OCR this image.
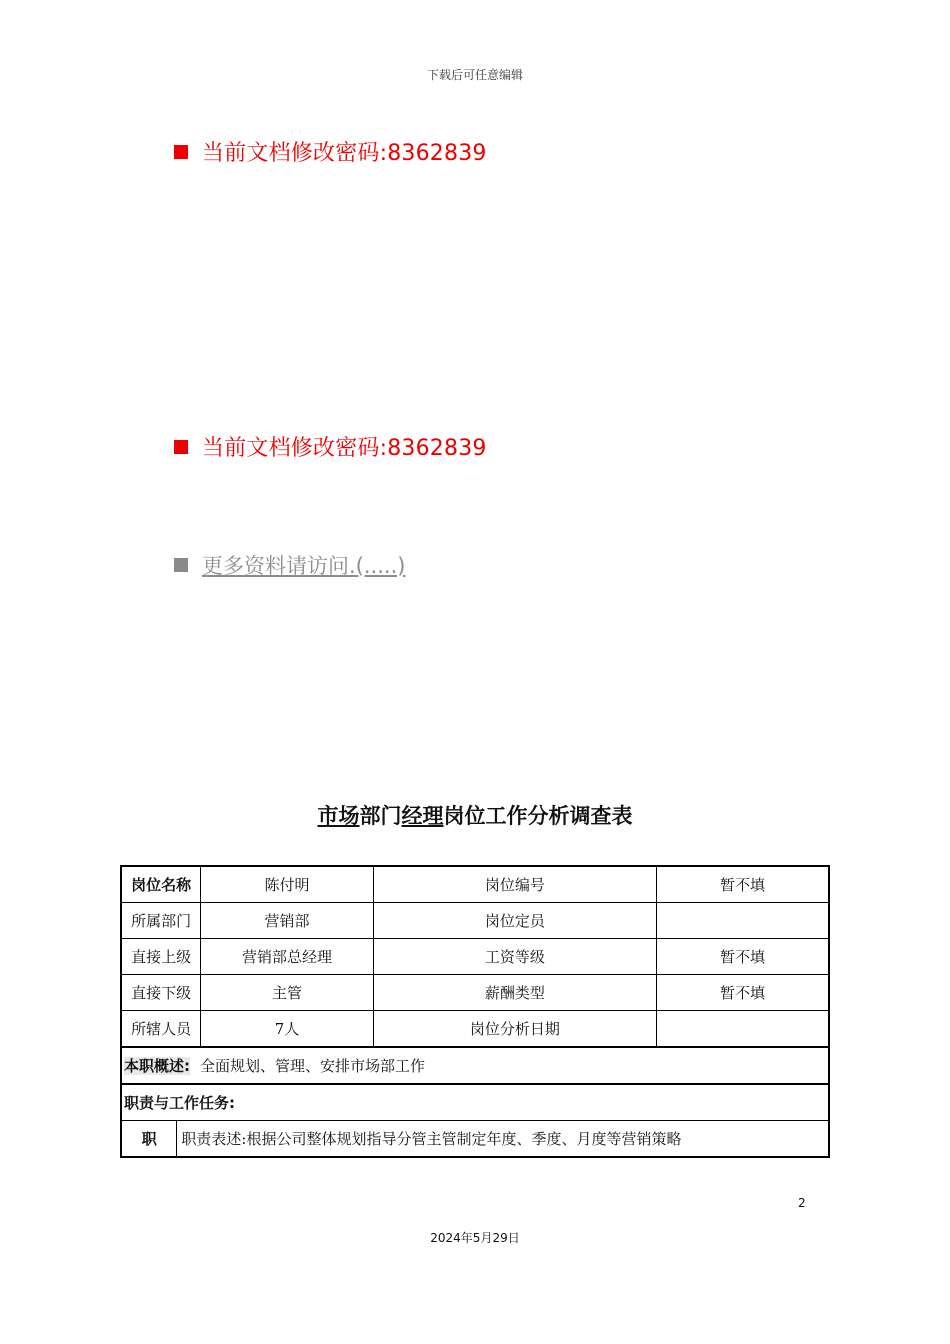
下载后可任意编辑
当前文档修改密码:8362839
当前文档修改密码:8362839
更多资料请访问.(.....)
市场部门经理岗位工作分析调查表
岗位名称		陈付明	岗位编号	暂不填
所属部门		营销部	岗位定员	
直接上级		营销部总经理	工资等级	暂不填
直接下级		主管	薪酬类型	暂不填
所辖人员		7人	岗位分析日期	
本职概述: 全面规划、管理、安排市场部工作				
职责与工作任务:				
职	职责表述:根据公司整体规划指导分管主管制定年度、季度、月度等营销策略			
2
2024年5月29日
